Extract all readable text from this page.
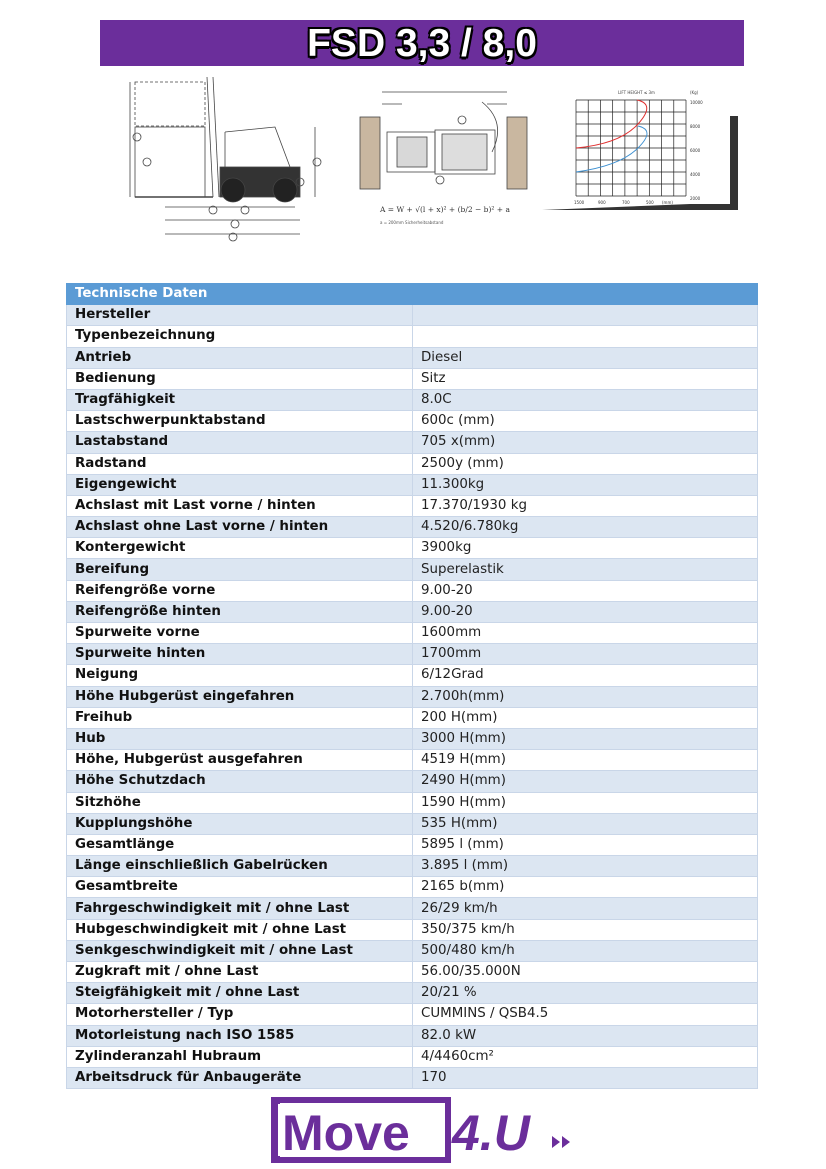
FSD 3,3 / 8,0
A = W + √(l + x)² + (b/2 − b)² + a
a = 200mm Sicherheitsabstand
LIFT HEIGHT ≤ 3m	(Kg)
10000
8000
6000
4000
2000
1500	900	700	500 (mm)
Technische Daten	
Hersteller	
Typenbezeichnung	
Antrieb	Diesel
Bedienung	Sitz
Tragfähigkeit	8.0C
Lastschwerpunktabstand	600c (mm)
Lastabstand	705 x(mm)
Radstand	2500y (mm)
Eigengewicht	11.300kg
Achslast mit Last vorne / hinten	17.370/1930 kg
Achslast ohne Last vorne / hinten	4.520/6.780kg
Kontergewicht	3900kg
Bereifung	Superelastik
Reifengröße vorne	9.00-20
Reifengröße hinten	9.00-20
Spurweite vorne	1600mm
Spurweite hinten	1700mm
Neigung	6/12Grad
Höhe Hubgerüst eingefahren	2.700h(mm)
Freihub	200 H(mm)
Hub	3000 H(mm)
Höhe, Hubgerüst ausgefahren	4519 H(mm)
Höhe Schutzdach	2490 H(mm)
Sitzhöhe	1590 H(mm)
Kupplungshöhe	535 H(mm)
Gesamtlänge	5895 l (mm)
Länge einschließlich Gabelrücken	3.895 l (mm)
Gesamtbreite	2165 b(mm)
Fahrgeschwindigkeit mit / ohne Last	26/29 km/h
Hubgeschwindigkeit mit / ohne Last	350/375 km/h
Senkgeschwindigkeit mit / ohne Last	500/480 km/h
Zugkraft mit / ohne Last	56.00/35.000N
Steigfähigkeit mit / ohne Last	20/21 %
Motorhersteller / Typ	CUMMINS / QSB4.5
Motorleistung nach ISO 1585	82.0 kW
Zylinderanzahl Hubraum	4/4460cm²
Arbeitsdruck für Anbaugeräte	170
Move 4.U
